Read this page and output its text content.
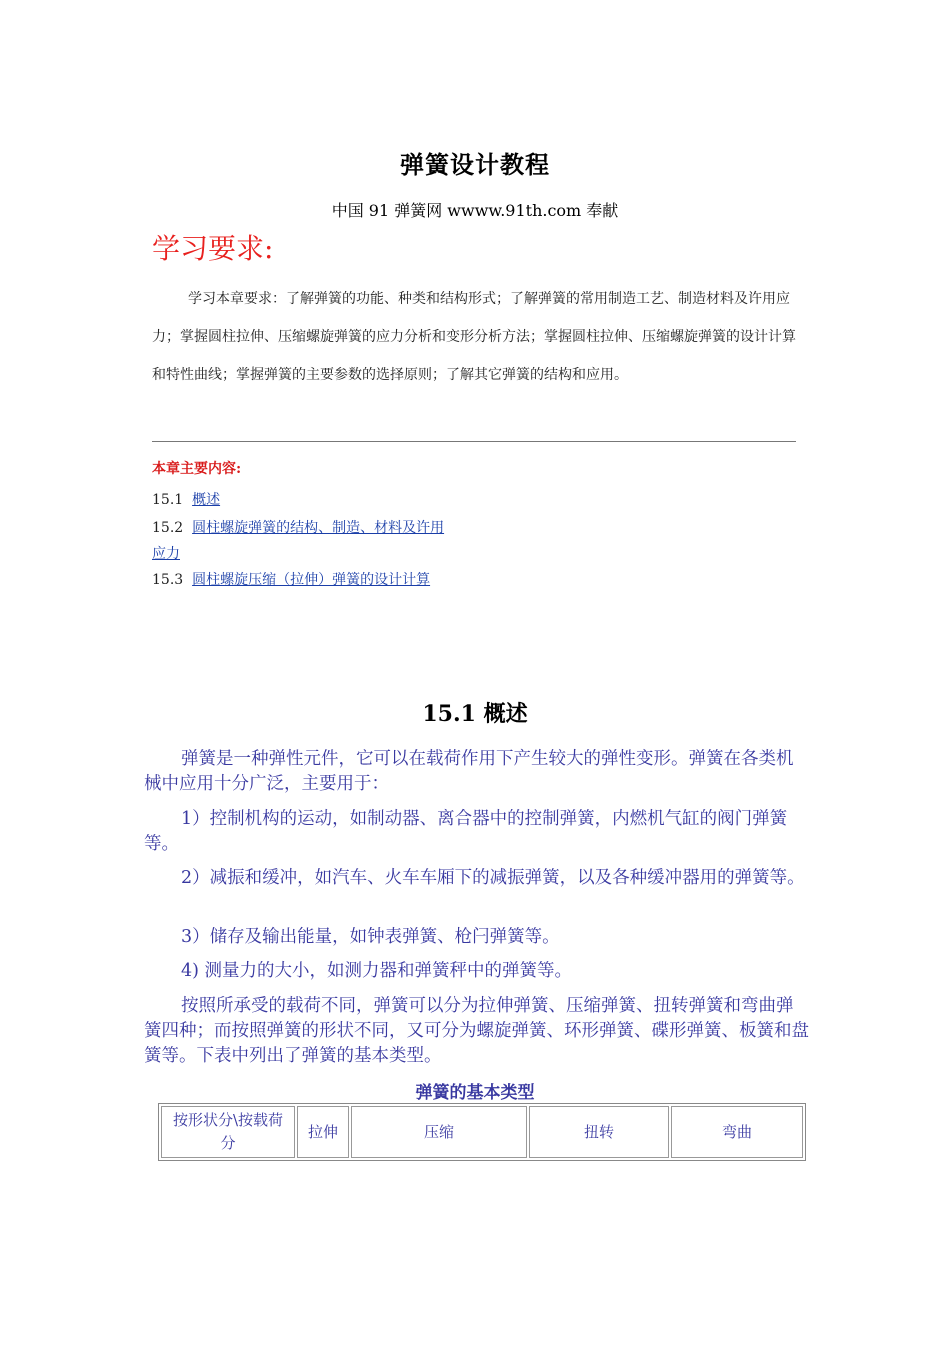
弹簧设计教程
中国 91 弹簧网 wwww.91th.com 奉献
学习要求:

学习本章要求：了解弹簧的功能、种类和结构形式；了解弹簧的常用制造工艺、制造材料及许用应力；掌握圆柱拉伸、压缩螺旋弹簧的应力分析和变形分析方法；掌握圆柱拉伸、压缩螺旋弹簧的设计计算和特性曲线；掌握弹簧的主要参数的选择原则；了解其它弹簧的结构和应用。

本章主要内容:
15.1 概述
15.2 圆柱螺旋弹簧的结构、制造、材料及许用应力
15.3 圆柱螺旋压缩（拉伸）弹簧的设计计算
15.1 概述

弹簧是一种弹性元件，它可以在载荷作用下产生较大的弹性变形。弹簧在各类机械中应用十分广泛，主要用于：

1）控制机构的运动，如制动器、离合器中的控制弹簧，内燃机气缸的阀门弹簧等。

2）减振和缓冲，如汽车、火车车厢下的减振弹簧，以及各种缓冲器用的弹簧等。

3）储存及输出能量，如钟表弹簧、枪闩弹簧等。

4) 测量力的大小，如测力器和弹簧秤中的弹簧等。

按照所承受的载荷不同，弹簧可以分为拉伸弹簧、压缩弹簧、扭转弹簧和弯曲弹簧四种；而按照弹簧的形状不同，又可分为螺旋弹簧、环形弹簧、碟形弹簧、板簧和盘簧等。下表中列出了弹簧的基本类型。

弹簧的基本类型
按形状分\按载荷分	拉伸	压缩	扭转	弯曲
